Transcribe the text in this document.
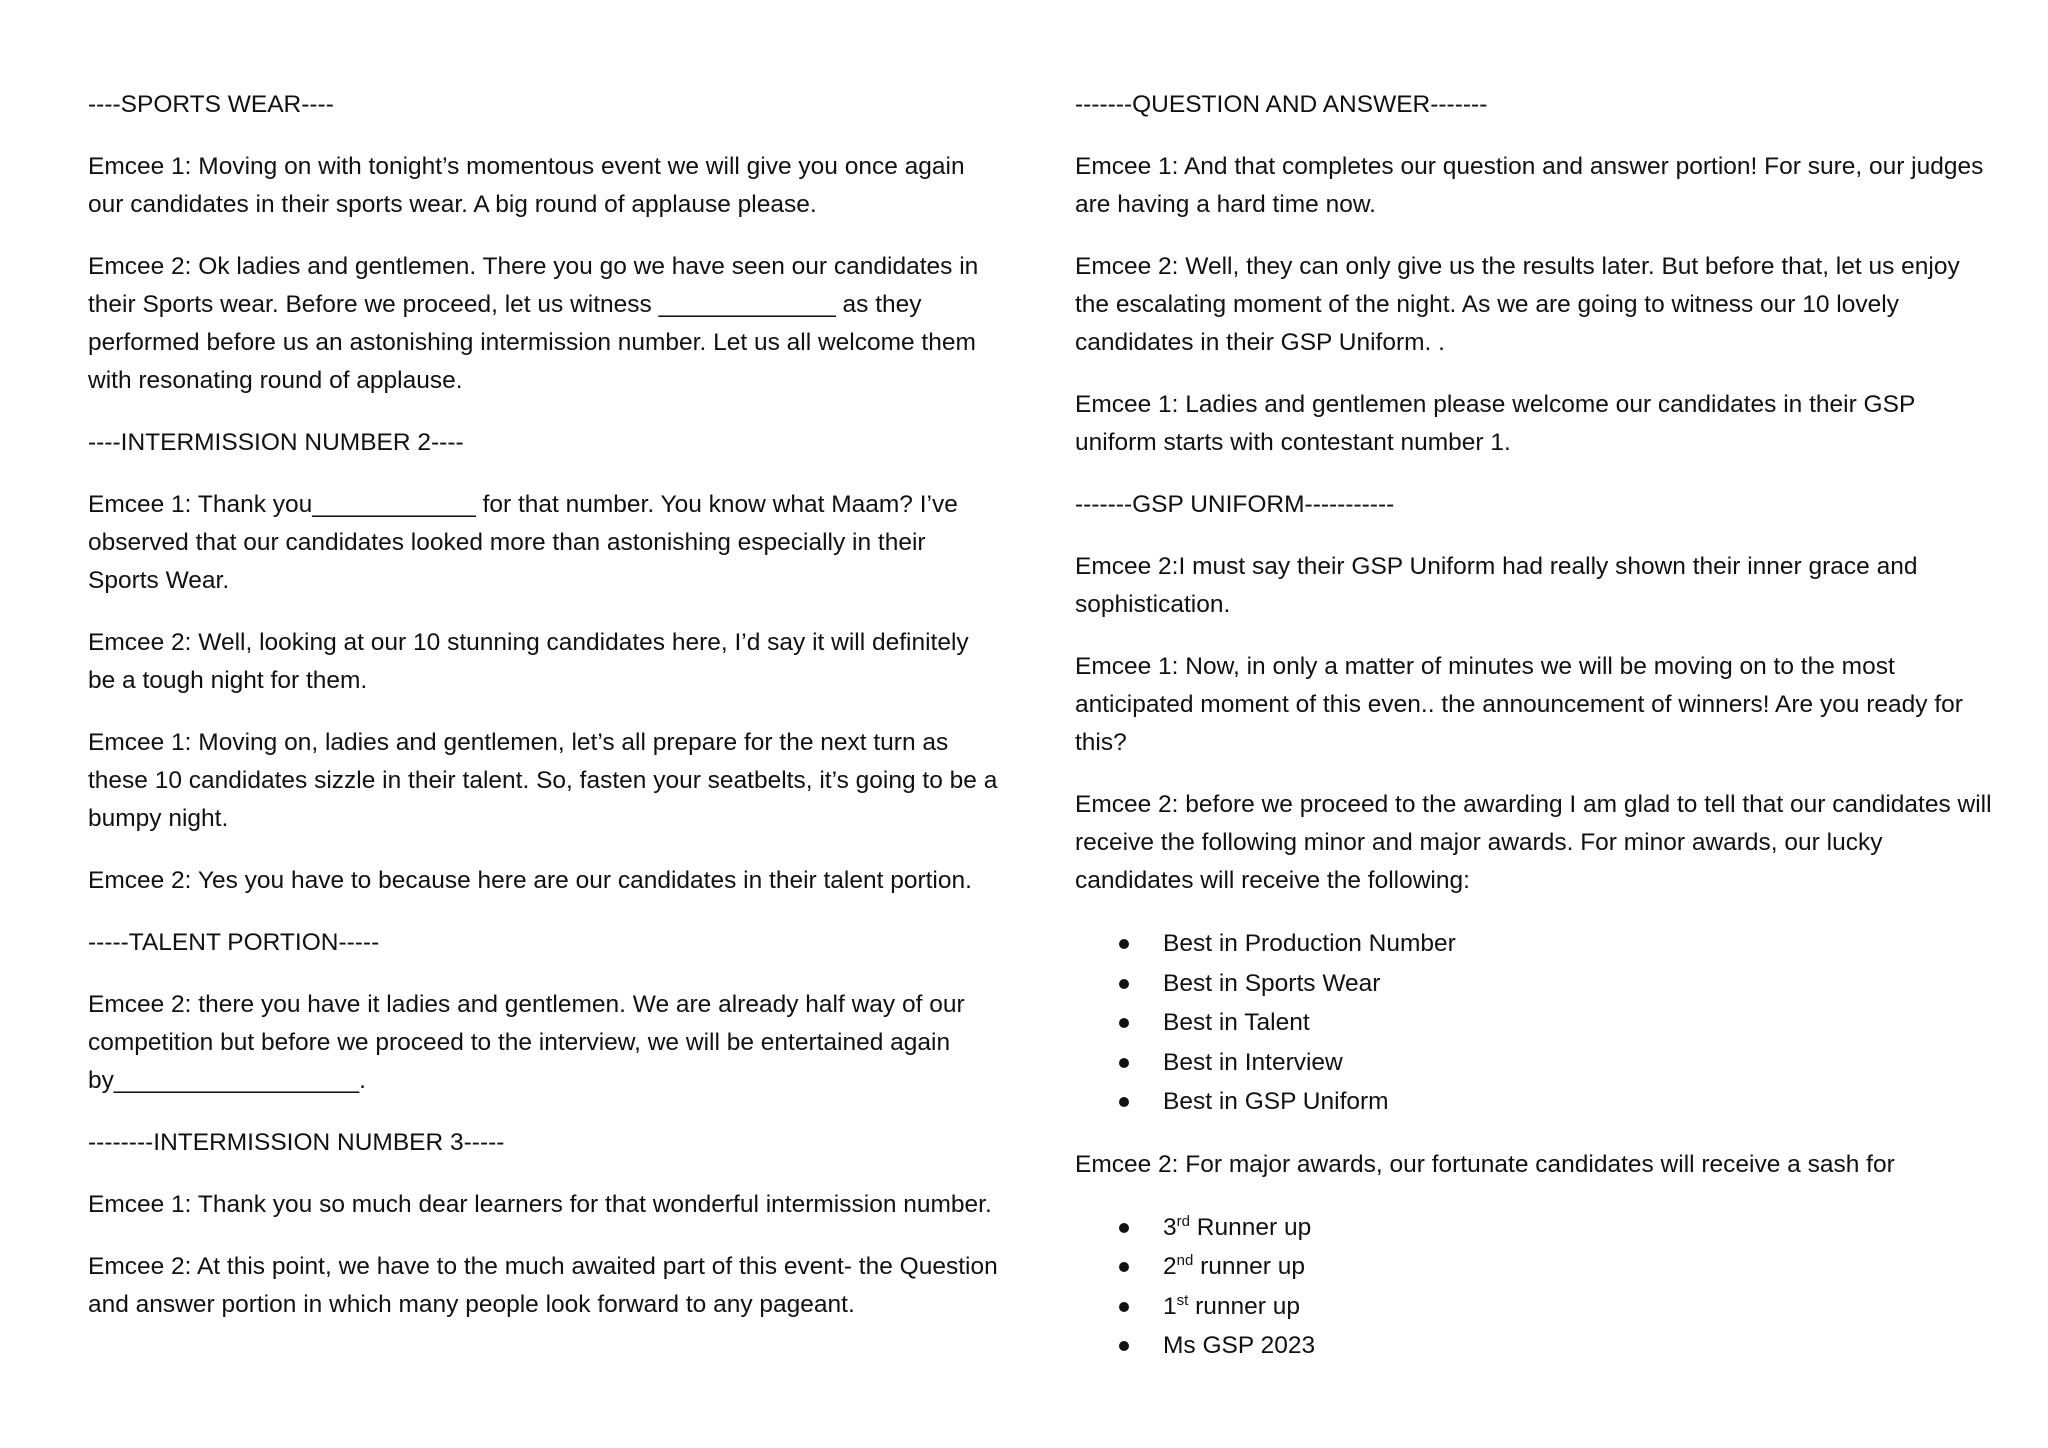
----SPORTS WEAR----

Emcee 1: Moving on with tonight’s momentous event we will give you once again our candidates in their sports wear. A big round of applause please.

Emcee 2: Ok ladies and gentlemen. There you go we have seen our candidates in their Sports wear. Before we proceed, let us witness _____________ as they performed before us an astonishing intermission number. Let us all welcome them with resonating round of applause.

----INTERMISSION NUMBER 2----

Emcee 1: Thank you____________ for that number. You know what Maam? I’ve observed that our candidates looked more than astonishing especially in their Sports Wear.

Emcee 2: Well, looking at our 10 stunning candidates here, I’d say it will definitely be a tough night for them.

Emcee 1: Moving on, ladies and gentlemen, let’s all prepare for the next turn as these 10 candidates sizzle in their talent. So, fasten your seatbelts, it’s going to be a bumpy night.

Emcee 2: Yes you have to because here are our candidates in their talent portion.

-----TALENT PORTION-----

Emcee 2: there you have it ladies and gentlemen. We are already half way of our competition but before we proceed to the interview, we will be entertained again by__________________.

--------INTERMISSION NUMBER 3-----

Emcee 1: Thank you so much dear learners for that wonderful intermission number.

Emcee 2: At this point, we have to the much awaited part of this event- the Question and answer portion in which many people look forward to any pageant.

-------QUESTION AND ANSWER-------

Emcee 1: And that completes our question and answer portion! For sure, our judges are having a hard time now.

Emcee 2: Well, they can only give us the results later. But before that, let us enjoy the escalating moment of the night. As we are going to witness our 10 lovely candidates in their GSP Uniform. .

Emcee 1: Ladies and gentlemen please welcome our candidates in their GSP uniform starts with contestant number 1.

-------GSP UNIFORM-----------

Emcee 2:I must say their GSP Uniform had really shown their inner grace and sophistication.

Emcee 1: Now, in only a matter of minutes we will be moving on to the most anticipated moment of this even.. the announcement of winners! Are you ready for this?

Emcee 2: before we proceed to the awarding I am glad to tell that our candidates will receive the following minor and major awards. For minor awards, our lucky candidates will receive the following:

Best in Production Number
Best in Sports Wear
Best in Talent
Best in Interview
Best in GSP Uniform

Emcee 2: For major awards, our fortunate candidates will receive a sash for

3rd Runner up
2nd runner up
1st runner up
Ms GSP 2023
